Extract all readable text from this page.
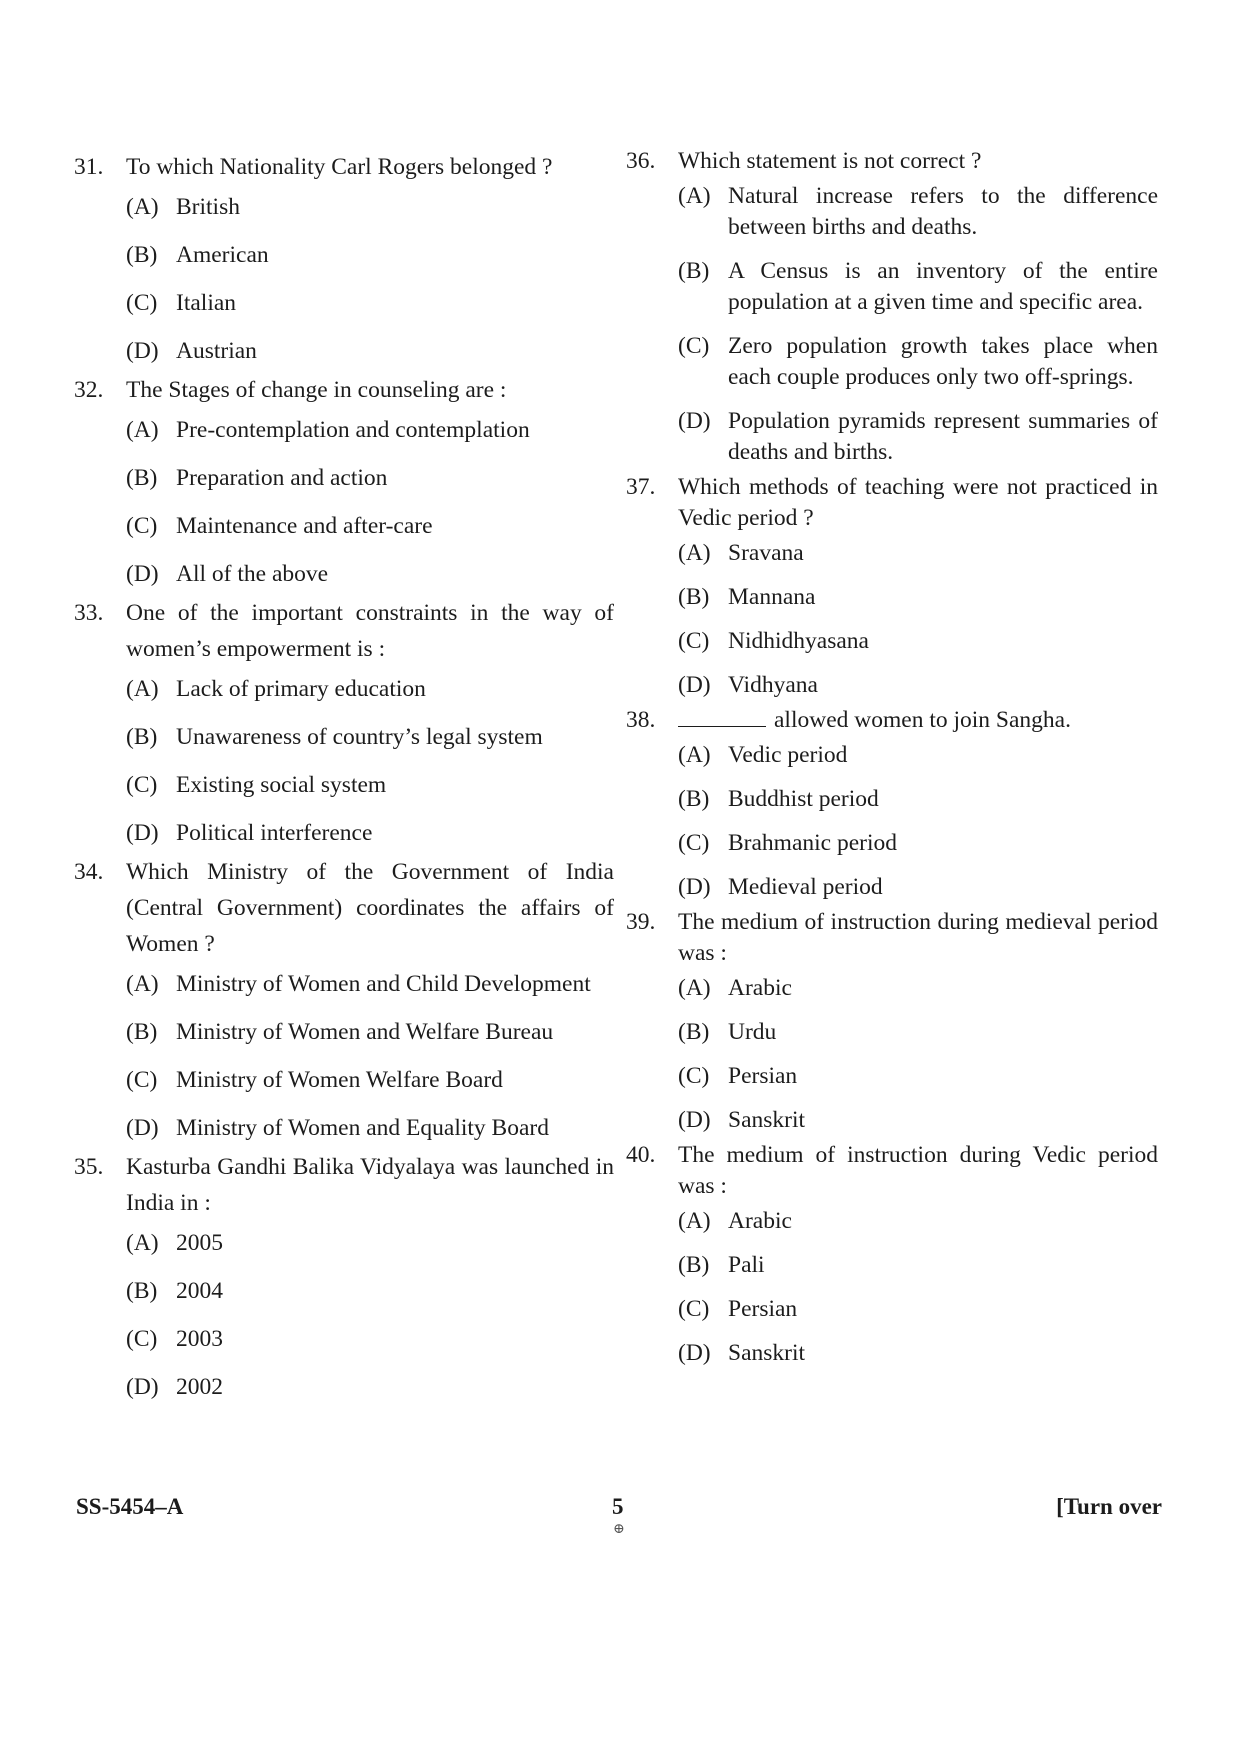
31. To which Nationality Carl Rogers belonged ?

(A) British
(B) American
(C) Italian
(D) Austrian
32. The Stages of change in counseling are :

(A) Pre-contemplation and contemplation
(B) Preparation and action
(C) Maintenance and after-care
(D) All of the above
33. One of the important constraints in the way of women’s empowerment is :

(A) Lack of primary education
(B) Unawareness of country’s legal system
(C) Existing social system
(D) Political interference
34. Which Ministry of the Government of India (Central Government) coordinates the affairs of Women ?

(A) Ministry of Women and Child Development
(B) Ministry of Women and Welfare Bureau
(C) Ministry of Women Welfare Board
(D) Ministry of Women and Equality Board
35. Kasturba Gandhi Balika Vidyalaya was launched in India in :

(A) 2005
(B) 2004
(C) 2003
(D) 2002
36. Which statement is not correct ?

(A) Natural increase refers to the difference between births and deaths.
(B) A Census is an inventory of the entire population at a given time and specific area.
(C) Zero population growth takes place when each couple produces only two off-springs.
(D) Population pyramids represent summaries of deaths and births.
37. Which methods of teaching were not practiced in Vedic period ?

(A) Sravana
(B) Mannana
(C) Nidhidhyasana
(D) Vidhyana
38.	allowed women to join Sangha.

(A) Vedic period
(B) Buddhist period
(C) Brahmanic period
(D) Medieval period
39. The medium of instruction during medieval period was :

(A) Arabic
(B) Urdu
(C) Persian
(D) Sanskrit
40. The medium of instruction during Vedic period was :

(A) Arabic
(B) Pali
(C) Persian
(D) Sanskrit
SS-5454–A	5
⊕
[Turn over
